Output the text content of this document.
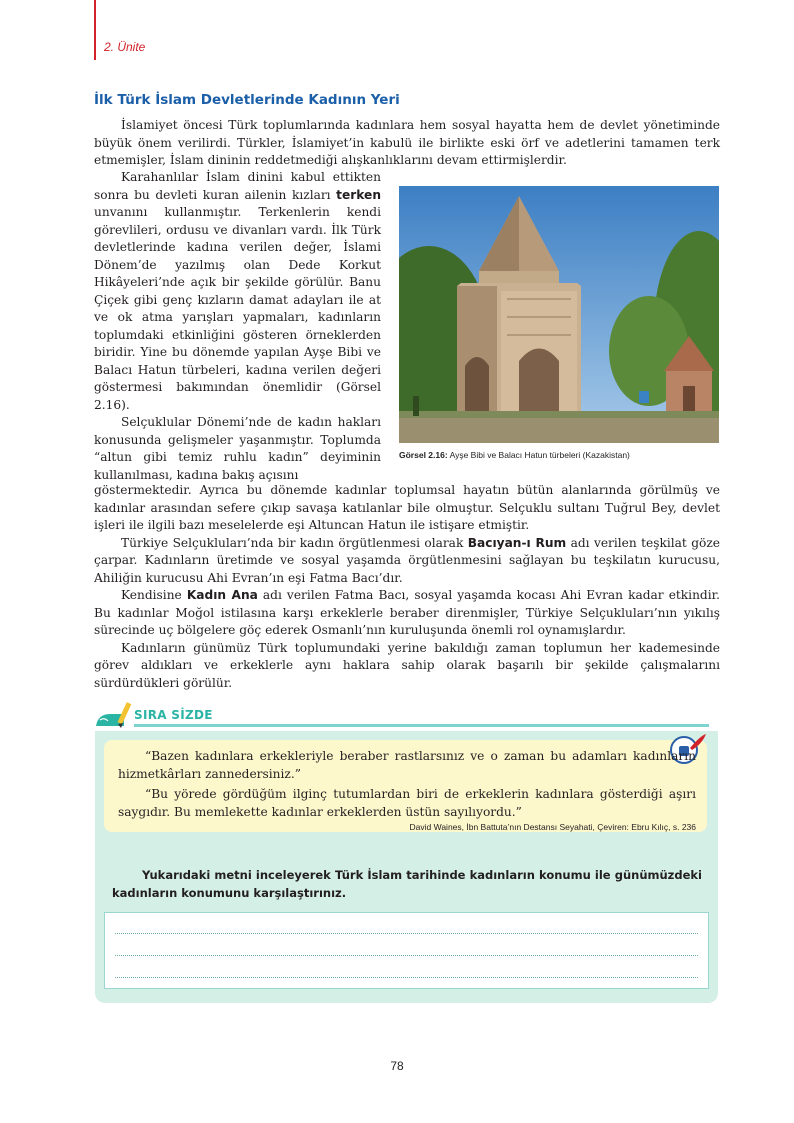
2. Ünite
İlk Türk İslam Devletlerinde Kadının Yeri

İslamiyet öncesi Türk toplumlarında kadınlara hem sosyal hayatta hem de devlet yönetiminde büyük önem verilirdi. Türkler, İslamiyet’in kabulü ile birlikte eski örf ve adetlerini tamamen terk etmemişler, İslam dininin reddetmediği alışkanlıklarını devam ettirmişlerdir.

Karahanlılar İslam dinini kabul ettikten sonra bu devleti kuran ailenin kızları terken unvanını kullanmıştır. Terkenlerin kendi görevlileri, ordusu ve divanları vardı. İlk Türk devletlerinde kadına verilen değer, İslami Dönem’de yazılmış olan Dede Korkut Hikâyeleri’nde açık bir şekilde görülür. Banu Çiçek gibi genç kızların damat adayları ile at ve ok atma yarışları yapmaları, kadınların toplumdaki etkinliğini gösteren örneklerden biridir. Yine bu dönemde yapılan Ayşe Bibi ve Balacı Hatun türbeleri, kadına verilen değeri göstermesi bakımından önemlidir (Görsel 2.16).

Selçuklular Dönemi’nde de kadın hakları konusunda gelişmeler yaşanmıştır. Toplumda “altun gibi temiz ruhlu kadın” deyiminin kullanılması, kadına bakış açısını

Görsel 2.16: Ayşe Bibi ve Balacı Hatun türbeleri (Kazakistan)

göstermektedir. Ayrıca bu dönemde kadınlar toplumsal hayatın bütün alanlarında görülmüş ve kadınlar arasından sefere çıkıp savaşa katılanlar bile olmuştur. Selçuklu sultanı Tuğrul Bey, devlet işleri ile ilgili bazı meselelerde eşi Altuncan Hatun ile istişare etmiştir.

Türkiye Selçukluları’nda bir kadın örgütlenmesi olarak Bacıyan-ı Rum adı verilen teşkilat göze çarpar. Kadınların üretimde ve sosyal yaşamda örgütlenmesini sağlayan bu teşkilatın kurucusu, Ahiliğin kurucusu Ahi Evran’ın eşi Fatma Bacı’dır.

Kendisine Kadın Ana adı verilen Fatma Bacı, sosyal yaşamda kocası Ahi Evran kadar etkindir. Bu kadınlar Moğol istilasına karşı erkeklerle beraber direnmişler, Türkiye Selçukluları’nın yıkılış sürecinde uç bölgelere göç ederek Osmanlı’nın kuruluşunda önemli rol oynamışlardır.

Kadınların günümüz Türk toplumundaki yerine bakıldığı zaman toplumun her kademesinde görev aldıkları ve erkeklerle aynı haklara sahip olarak başarılı bir şekilde çalışmalarını sürdürdükleri görülür.

SIRA SİZDE

“Bazen kadınlara erkekleriyle beraber rastlarsınız ve o zaman bu adamları kadınların hizmetkârları zannedersiniz.”

“Bu yörede gördüğüm ilginç tutumlardan biri de erkeklerin kadınlara gösterdiği aşırı saygıdır. Bu memlekette kadınlar erkeklerden üstün sayılıyordu.”

David Waines, İbn Battuta’nın Destansı Seyahati, Çeviren: Ebru Kılıç, s. 236

Yukarıdaki metni inceleyerek Türk İslam tarihinde kadınların konumu ile günümüzdeki kadınların konumunu karşılaştırınız.

78
